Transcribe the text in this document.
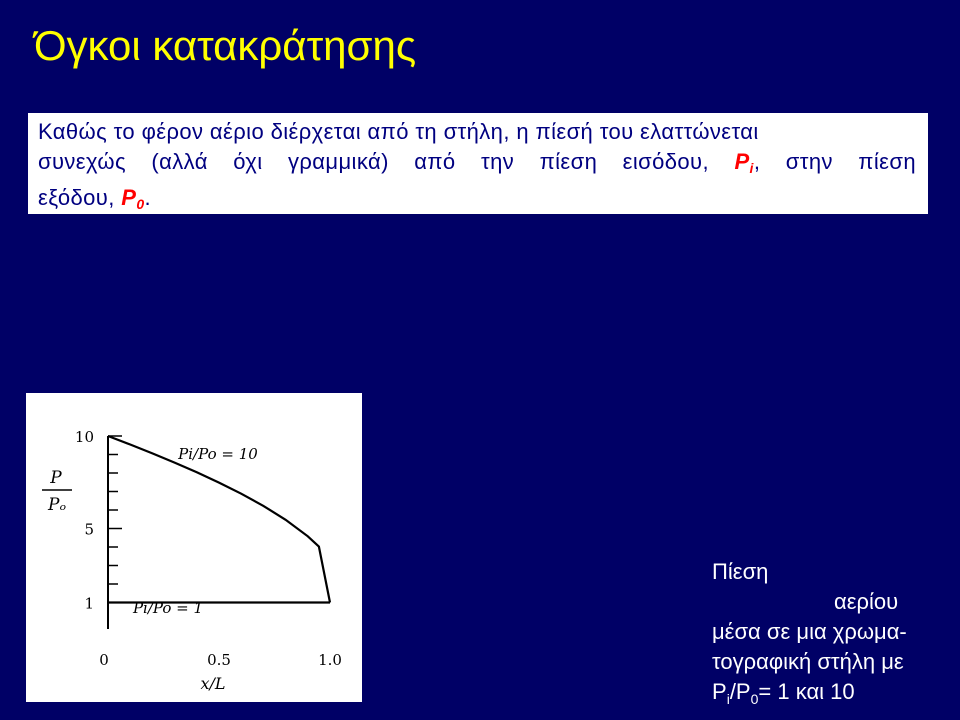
Όγκοι κατακράτησης
Καθώς το φέρον αέριο διέρχεται από τη στήλη, η πίεσή του ελαττώνεται
συνεχώς (αλλά όχι γραμμικά) από την πίεση εισόδου, $P_i$, στην πίεση
εξόδου, $P_0$.
1
5
10
0	0.5	1.0
P
Pₒ
x/L
Pi/Po = 10
Pi/Po = 1
Πίεση
αερίου
μέσα σε μια χρωμα-
τογραφική στήλη με
$P_i/P_0= 1$ και 10
